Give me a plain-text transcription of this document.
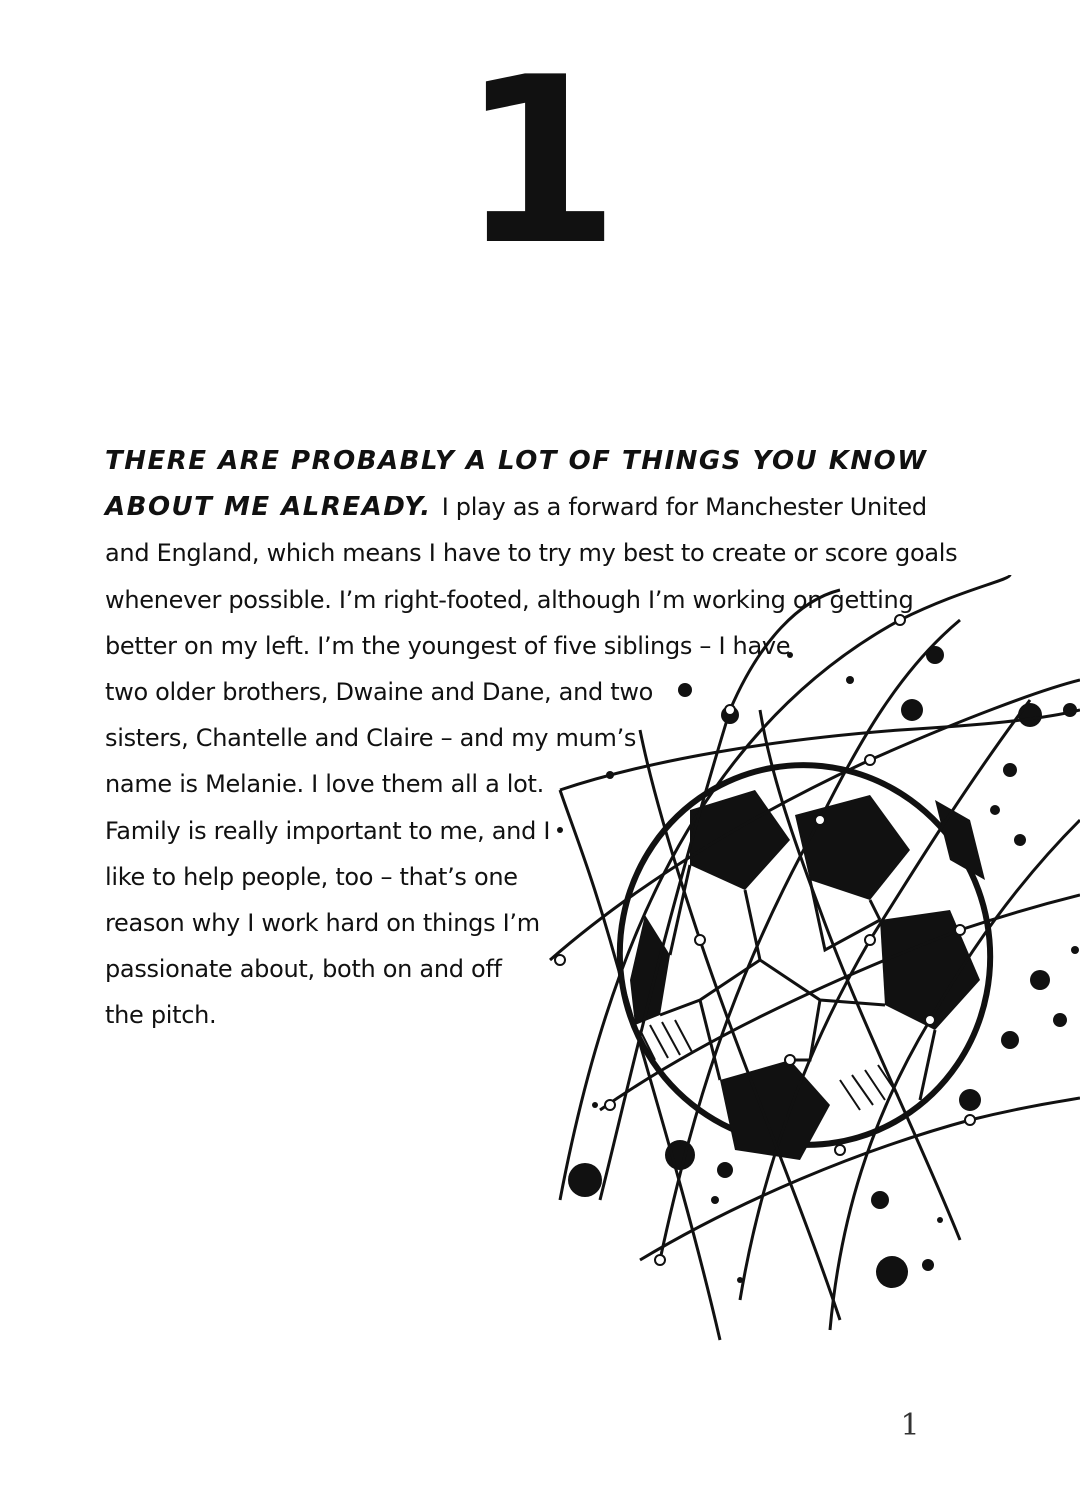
1
THERE ARE PROBABLY A LOT OF THINGS YOU KNOW
ABOUT ME ALREADY. I play as a forward for Manchester United
and England, which means I have to try my best to create or score goals
whenever possible. I’m right-footed, although I’m working on getting
better on my left. I’m the youngest of five siblings – I have
two older brothers, Dwaine and Dane, and two
sisters, Chantelle and Claire – and my mum’s
name is Melanie. I love them all a lot.
Family is really important to me, and I
like to help people, too – that’s one
reason why I work hard on things I’m
passionate about, both on and off
the pitch.
1
